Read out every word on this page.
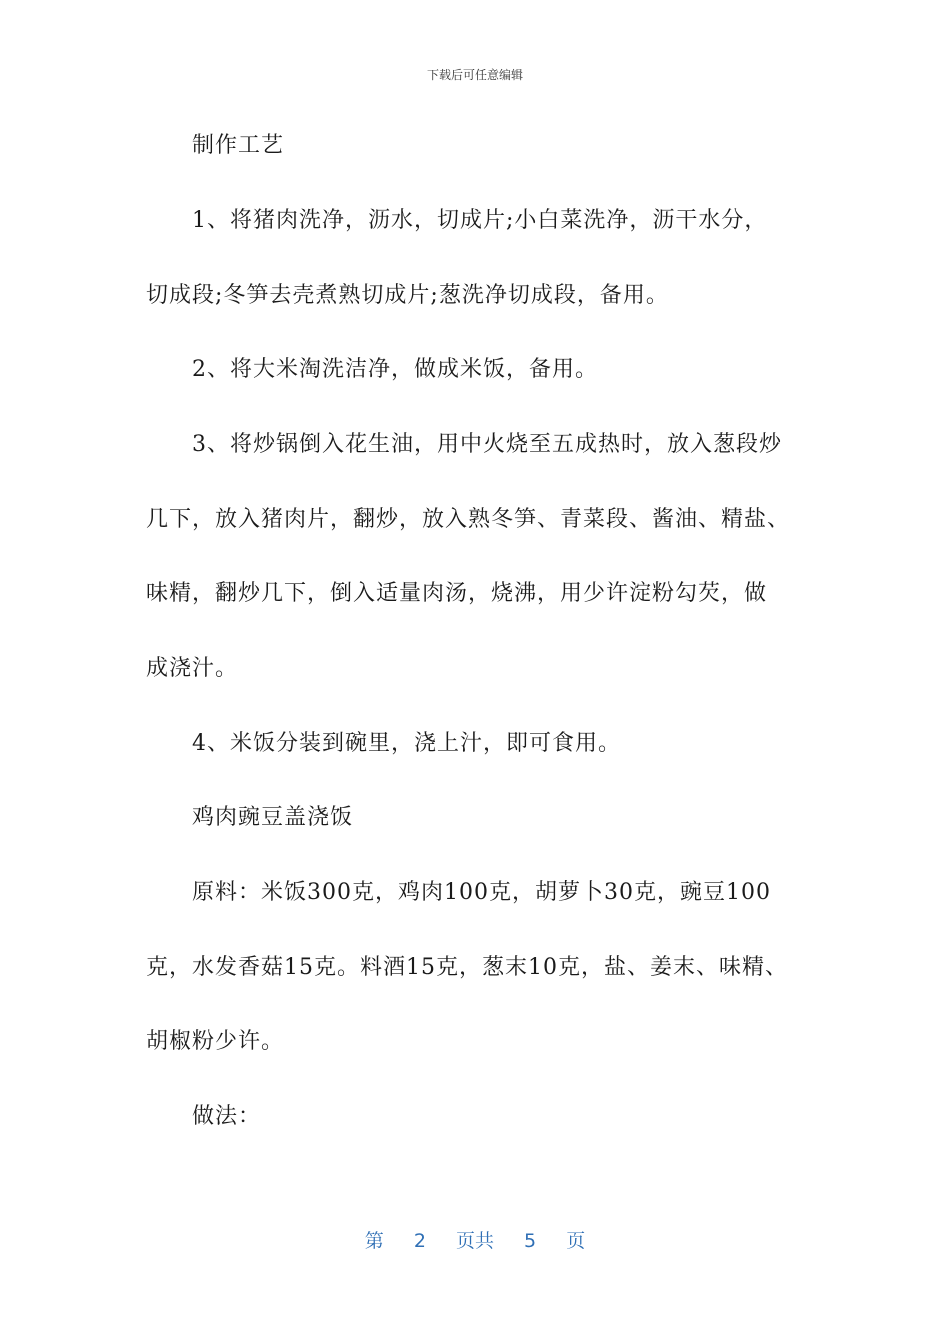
下载后可任意编辑
制作工艺
1、将猪肉洗净，沥水，切成片;小白菜洗净，沥干水分，
切成段;冬笋去壳煮熟切成片;葱洗净切成段，备用。
2、将大米淘洗洁净，做成米饭，备用。
3、将炒锅倒入花生油，用中火烧至五成热时，放入葱段炒
几下，放入猪肉片，翻炒，放入熟冬笋、青菜段、酱油、精盐、
味精，翻炒几下，倒入适量肉汤，烧沸，用少许淀粉勾芡，做
成浇汁。
4、米饭分装到碗里，浇上汁，即可食用。
鸡肉豌豆盖浇饭
原料：米饭300克，鸡肉100克，胡萝卜30克，豌豆100
克，水发香菇15克。料酒15克，葱末10克，盐、姜末、味精、
胡椒粉少许。
做法：
第 2 页共 5 页
